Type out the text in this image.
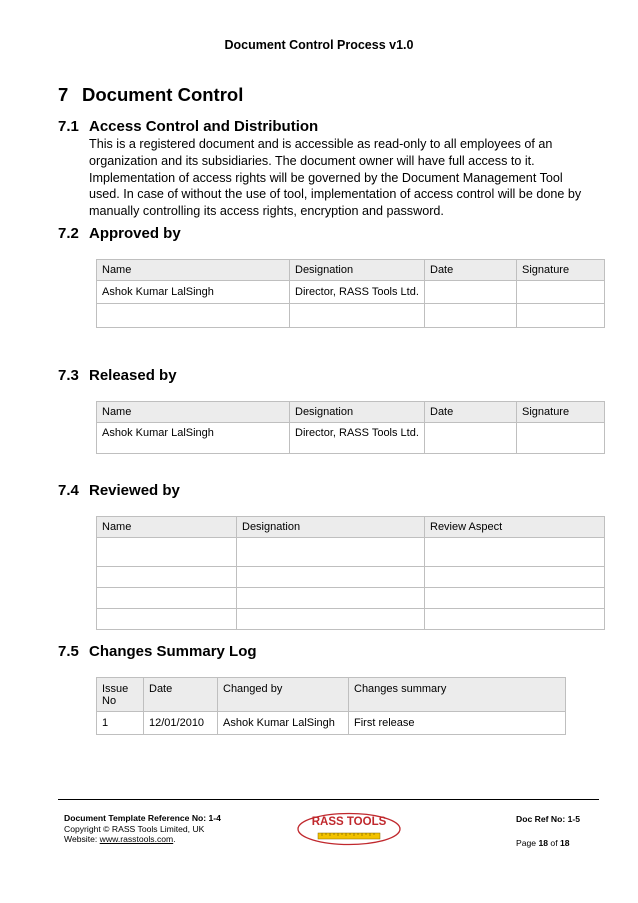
Document Control Process v1.0
7 Document Control
7.1 Access Control and Distribution
This is a registered document and is accessible as read-only to all employees of an
organization and its subsidiaries. The document owner will have full access to it.
Implementation of access rights will be governed by the Document Management Tool
used. In case of without the use of tool, implementation of access control will be done by
manually controlling its access rights, encryption and password.
7.2 Approved by
Name	Designation	Date	Signature
Ashok Kumar LalSingh	Director, RASS Tools Ltd.		

7.3 Released by
Name	Designation	Date	Signature
Ashok Kumar LalSingh	Director, RASS Tools Ltd.		
7.4 Reviewed by
Name	Designation	Review Aspect

7.5 Changes Summary Log
Issue No	Date	Changed by	Changes summary
1	12/01/2010	Ashok Kumar LalSingh	First release
Document Template Reference No: 1-4
Copyright © RASS Tools Limited, UK
Website: www.rasstools.com.
RASS TOOLS	Doc Ref No: 1-5
Page 18 of 18
